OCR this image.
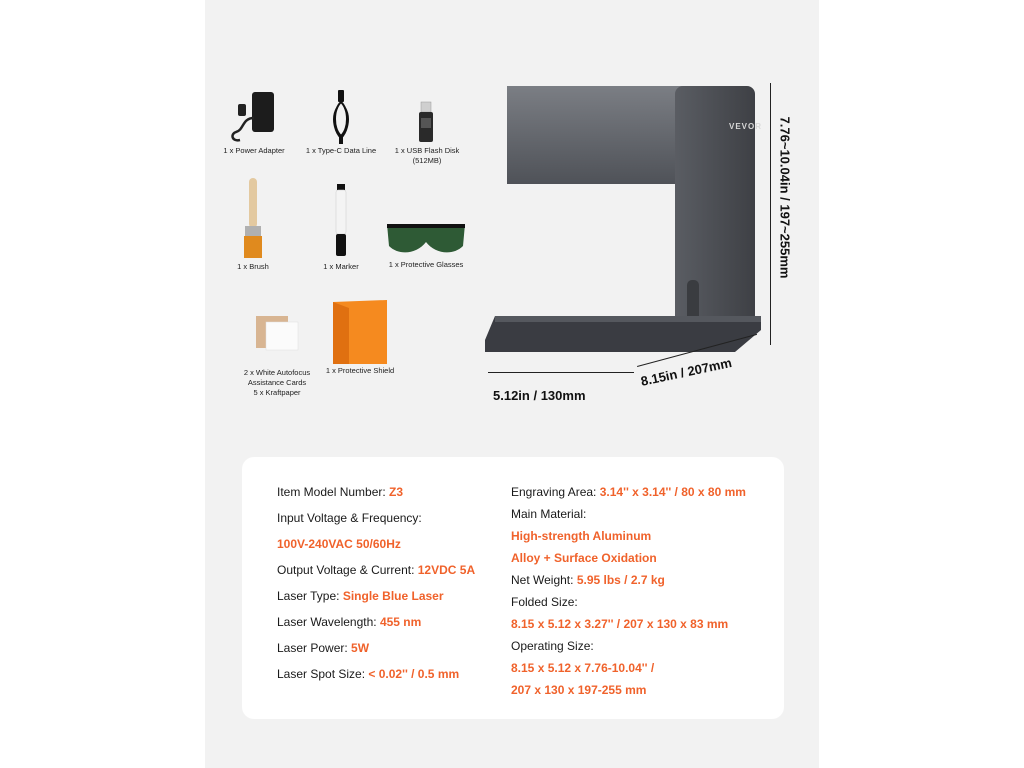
1 x Power Adapter	1 x Type-C Data Line	1 x USB Flash Disk
(512MB)
1 x Brush	1 x Marker	1 x Protective Glasses
2 x White Autofocus
Assistance Cards
5 x Kraftpaper
1 x Protective Shield
VEVOR 7.76~10.04in / 197~255mm
5.12in / 130mm
8.15in / 207mm
Item Model Number: Z3
Input Voltage & Frequency:
100V-240VAC 50/60Hz
Output Voltage & Current: 12VDC 5A
Laser Type: Single Blue Laser
Laser Wavelength: 455 nm
Laser Power: 5W
Laser Spot Size: < 0.02'' / 0.5 mm
Engraving Area: 3.14'' x 3.14'' / 80 x 80 mm
Main Material:
High-strength Aluminum
Alloy + Surface Oxidation
Net Weight: 5.95 lbs / 2.7 kg
Folded Size:
8.15 x 5.12 x 3.27'' / 207 x 130 x 83 mm
Operating Size:
8.15 x 5.12 x 7.76-10.04'' /
207 x 130 x 197-255 mm
